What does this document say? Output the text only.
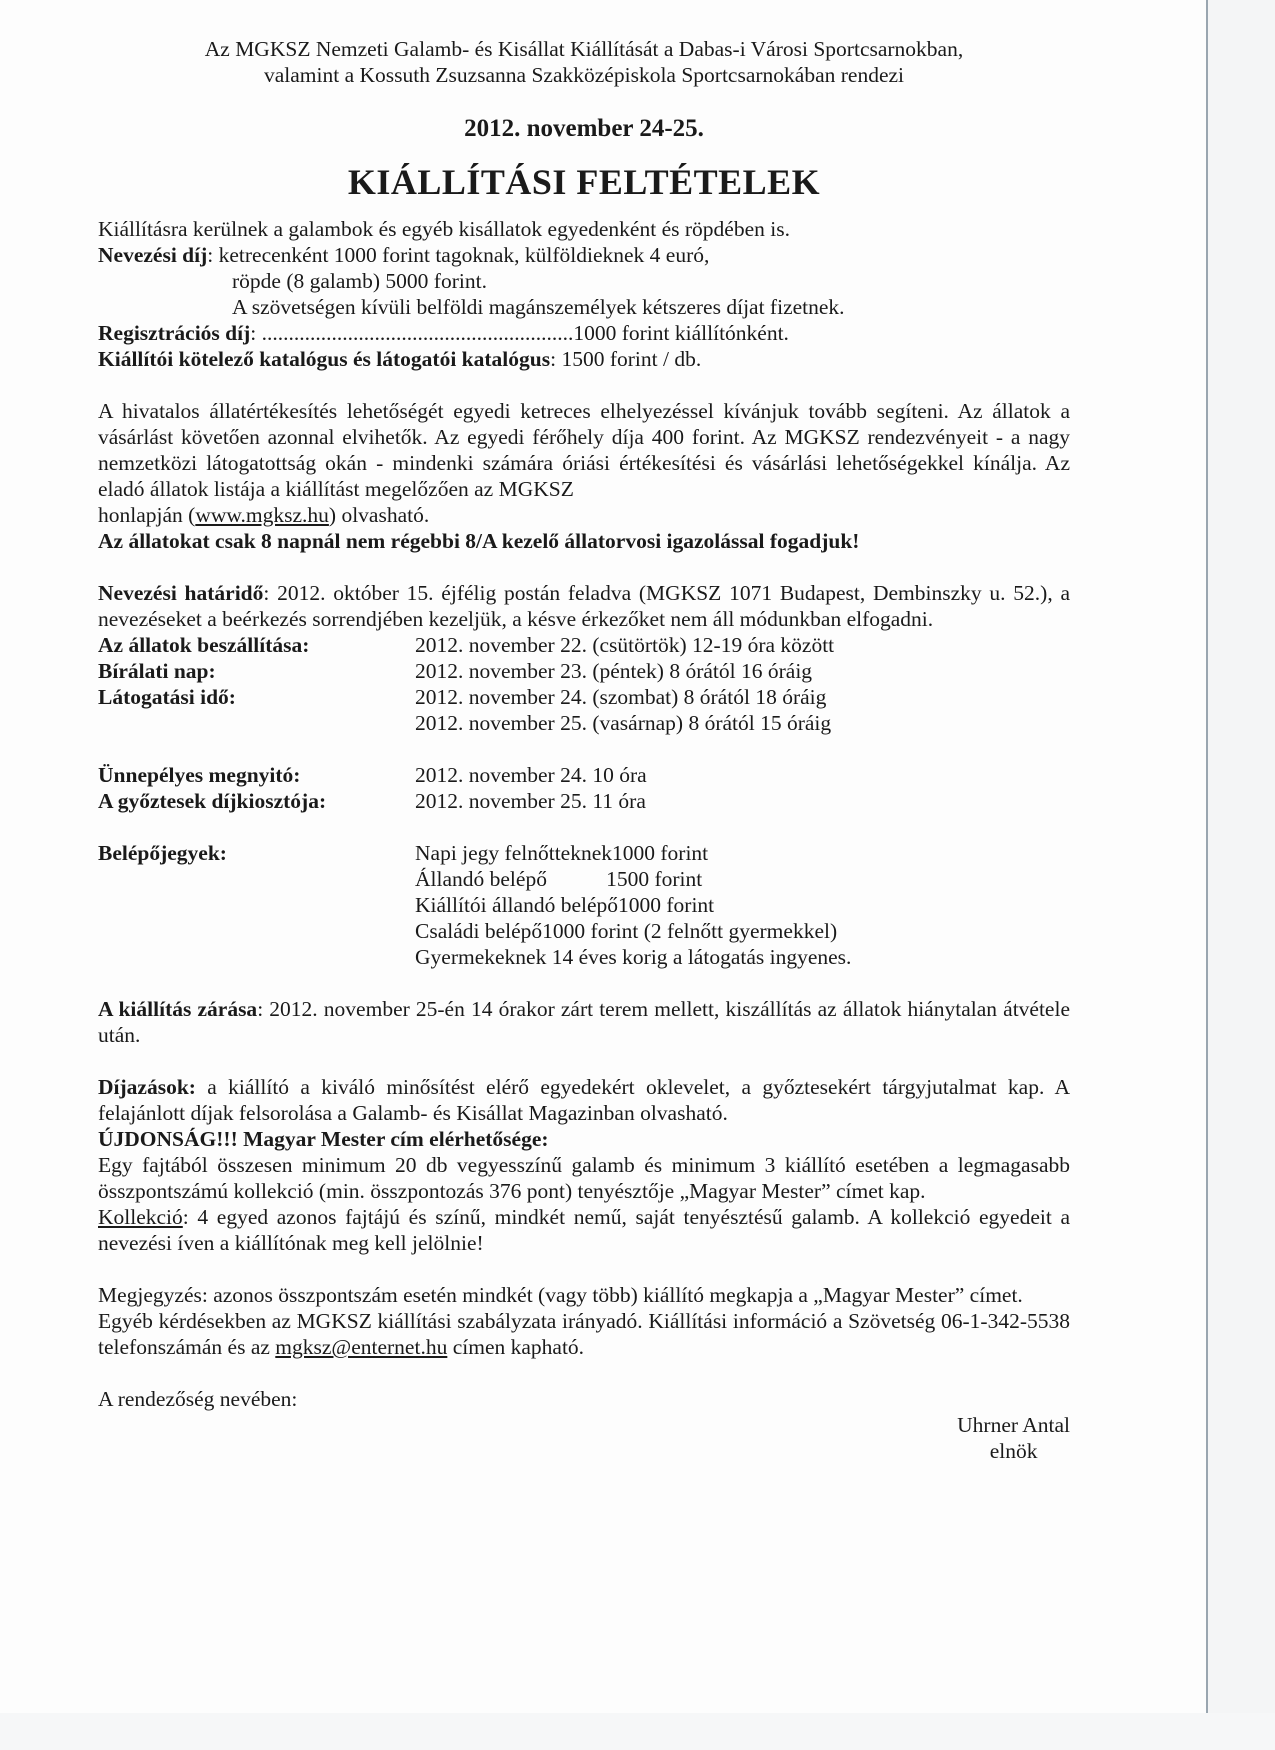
Az MGKSZ Nemzeti Galamb- és Kisállat Kiállítását a Dabas-i Városi Sportcsarnokban,

valamint a Kossuth Zsuzsanna Szakközépiskola Sportcsarnokában rendezi

2012. november 24-25.

KIÁLLÍTÁSI FELTÉTELEK

Kiállításra kerülnek a galambok és egyéb kisállatok egyedenként és röpdében is.

Nevezési díj: ketrecenként 1000 forint tagoknak, külföldieknek 4 euró,

röpde (8 galamb) 5000 forint.

A szövetségen kívüli belföldi magánszemélyek kétszeres díjat fizetnek.

Regisztrációs díj: ..........................................................1000 forint kiállítónként.

Kiállítói kötelező katalógus és látogatói katalógus: 1500 forint / db.

A hivatalos állatértékesítés lehetőségét egyedi ketreces elhelyezéssel kívánjuk tovább segíteni. Az állatok a vásárlást követően azonnal elvihetők. Az egyedi férőhely díja 400 forint. Az MGKSZ rendezvényeit - a nagy nemzetközi látogatottság okán - mindenki számára óriási értékesítési és vásárlási lehetőségekkel kínálja. Az eladó állatok listája a kiállítást megelőzően az MGKSZ

honlapján (www.mgksz.hu) olvasható.

Az állatokat csak 8 napnál nem régebbi 8/A kezelő állatorvosi igazolással fogadjuk!

Nevezési határidő: 2012. október 15. éjfélig postán feladva (MGKSZ 1071 Budapest, Dembinszky u. 52.), a nevezéseket a beérkezés sorrendjében kezeljük, a késve érkezőket nem áll módunkban elfogadni.

Az állatok beszállítása:	2012. november 22. (csütörtök) 12-19 óra között
Bírálati nap:	2012. november 23. (péntek) 8 órától 16 óráig
Látogatási idő:	2012. november 24. (szombat) 8 órától 18 óráig
2012. november 25. (vasárnap) 8 órától 15 óráig
Ünnepélyes megnyitó:	2012. november 24. 10 óra
A győztesek díjkiosztója:	2012. november 25. 11 óra
Belépőjegyek:	Napi jegy felnőtteknek1000 forint
Állandó belépő           1500 forint
Kiállítói állandó belépő1000 forint
Családi belépő1000 forint (2 felnőtt gyermekkel)
Gyermekeknek 14 éves korig a látogatás ingyenes.

A kiállítás zárása: 2012. november 25-én 14 órakor zárt terem mellett, kiszállítás az állatok hiánytalan átvétele után.

Díjazások: a kiállító a kiváló minősítést elérő egyedekért oklevelet, a győztesekért tárgyjutalmat kap. A felajánlott díjak felsorolása a Galamb- és Kisállat Magazinban olvasható.

ÚJDONSÁG!!! Magyar Mester cím elérhetősége:

Egy fajtából összesen minimum 20 db vegyesszínű galamb és minimum 3 kiállító esetében a legmagasabb összpontszámú kollekció (min. összpontozás 376 pont) tenyésztője „Magyar Mester” címet kap.

Kollekció: 4 egyed azonos fajtájú és színű, mindkét nemű, saját tenyésztésű galamb. A kollekció egyedeit a nevezési íven a kiállítónak meg kell jelölnie!

Megjegyzés: azonos összpontszám esetén mindkét (vagy több) kiállító megkapja a „Magyar Mester” címet.

Egyéb kérdésekben az MGKSZ kiállítási szabályzata irányadó. Kiállítási információ a Szövetség 06-1-342-5538 telefonszámán és az mgksz@enternet.hu címen kapható.

A rendezőség nevében:

Uhrner Antal
elnök
